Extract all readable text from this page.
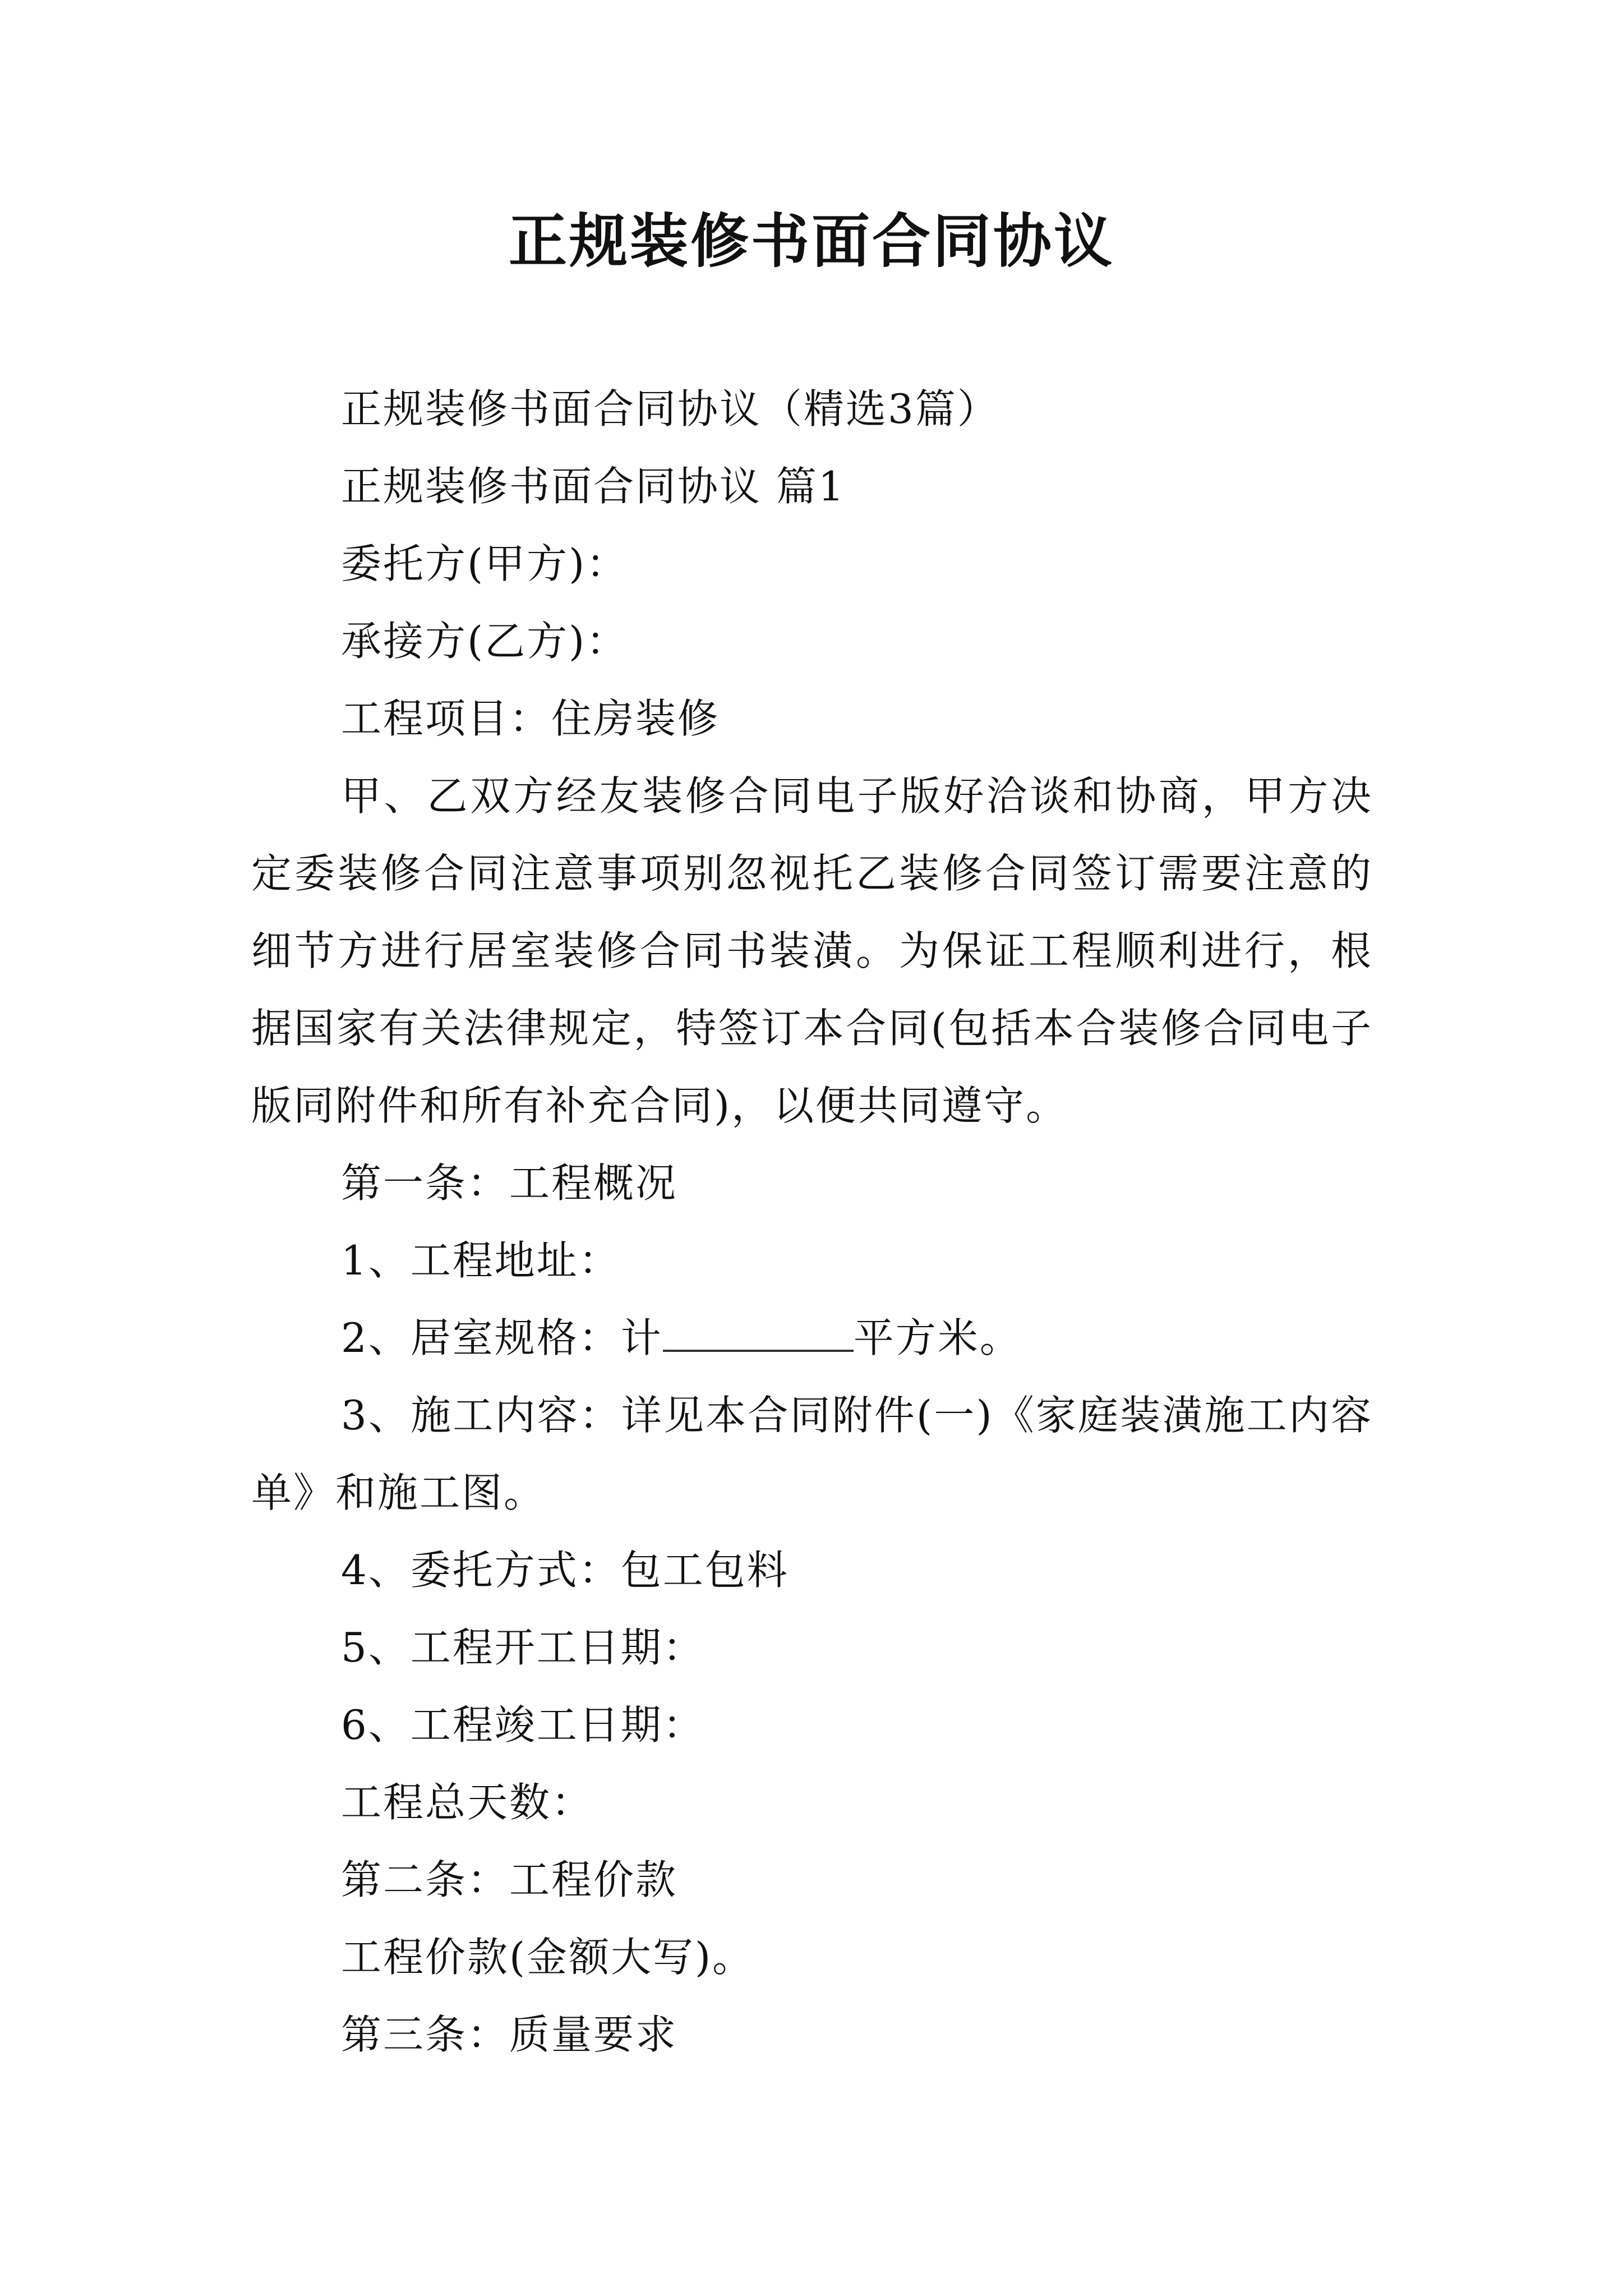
正规装修书面合同协议

正规装修书面合同协议（精选3篇）

正规装修书面合同协议 篇1

委托方(甲方)：

承接方(乙方)：

工程项目：住房装修

甲、乙双方经友装修合同电子版好洽谈和协商，甲方决定委装修合同注意事项别忽视托乙装修合同签订需要注意的细节方进行居室装修合同书装潢。为保证工程顺利进行，根据国家有关法律规定，特签订本合同(包括本合装修合同电子版同附件和所有补充合同)，以便共同遵守。

第一条：工程概况

1、工程地址：

2、居室规格：计	平方米。

3、施工内容：详见本合同附件(一)《家庭装潢施工内容单》和施工图。

4、委托方式：包工包料

5、工程开工日期：

6、工程竣工日期：

工程总天数：

第二条：工程价款

工程价款(金额大写)。

第三条：质量要求
